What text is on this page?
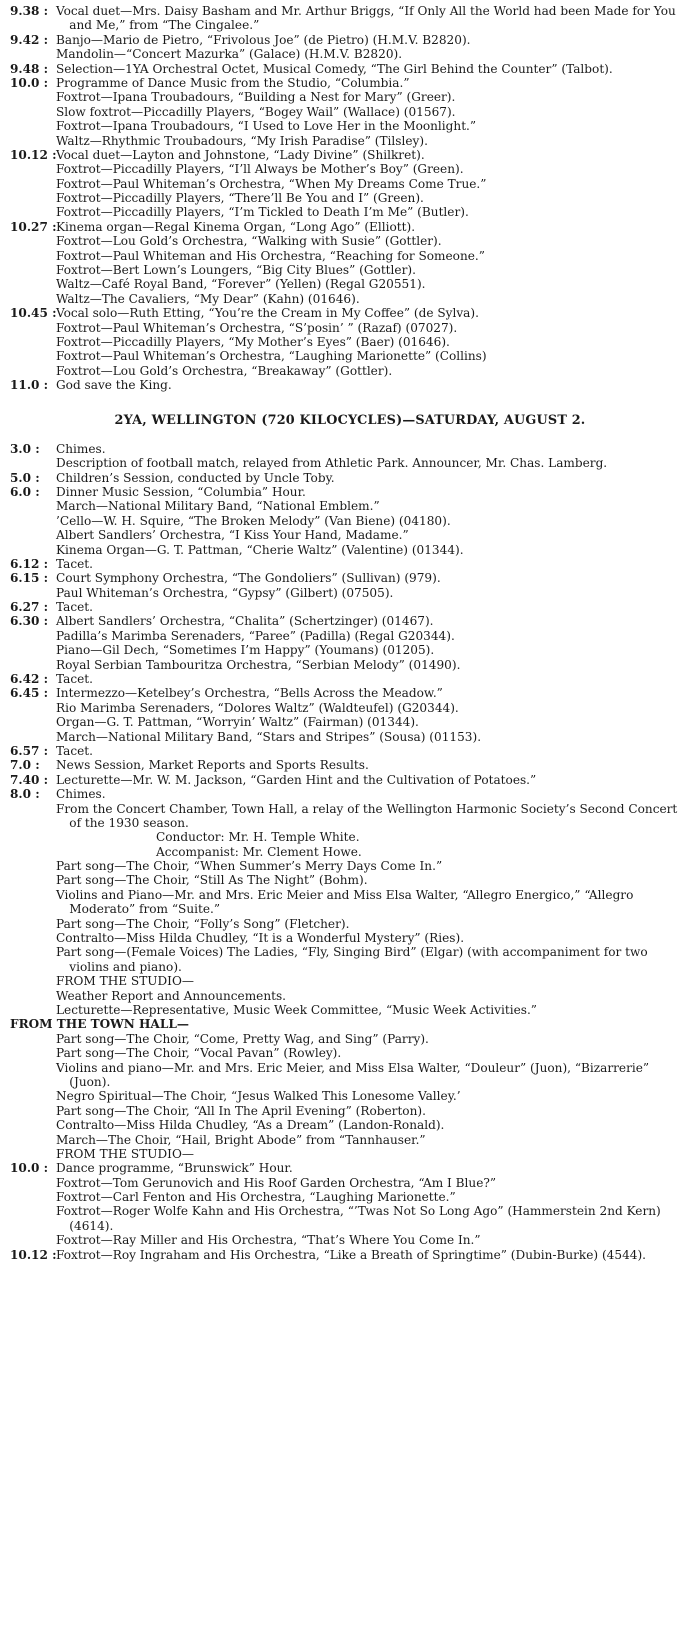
9.38 : Vocal duet—Mrs. Daisy Basham and Mr. Arthur Briggs, “If Only All the World had been Made for You and Me,” from “The Cingalee.”
9.42 : Banjo—Mario de Pietro, “Frivolous Joe” (de Pietro) (H.M.V. B2820).
Mandolin—“Concert Mazurka” (Galace) (H.M.V. B2820).
9.48 : Selection—1YA Orchestral Octet, Musical Comedy, “The Girl Behind the Counter” (Talbot).
10.0 : Programme of Dance Music from the Studio, “Columbia.”
Foxtrot—Ipana Troubadours, “Building a Nest for Mary” (Greer).
Slow foxtrot—Piccadilly Players, “Bogey Wail” (Wallace) (01567).
Foxtrot—Ipana Troubadours, “I Used to Love Her in the Moonlight.”
Waltz—Rhythmic Troubadours, “My Irish Paradise” (Tilsley).
10.12 : Vocal duet—Layton and Johnstone, “Lady Divine” (Shilkret).
Foxtrot—Piccadilly Players, “I’ll Always be Mother’s Boy” (Green).
Foxtrot—Paul Whiteman’s Orchestra, “When My Dreams Come True.”
Foxtrot—Piccadilly Players, “There’ll Be You and I” (Green).
Foxtrot—Piccadilly Players, “I’m Tickled to Death I’m Me” (Butler).
10.27 : Kinema organ—Regal Kinema Organ, “Long Ago” (Elliott).
Foxtrot—Lou Gold’s Orchestra, “Walking with Susie” (Gottler).
Foxtrot—Paul Whiteman and His Orchestra, “Reaching for Someone.”
Foxtrot—Bert Lown’s Loungers, “Big City Blues” (Gottler).
Waltz—Café Royal Band, “Forever” (Yellen) (Regal G20551).
Waltz—The Cavaliers, “My Dear” (Kahn) (01646).
10.45 : Vocal solo—Ruth Etting, “You’re the Cream in My Coffee” (de Sylva).
Foxtrot—Paul Whiteman’s Orchestra, “S’posin’ ” (Razaf) (07027).
Foxtrot—Piccadilly Players, “My Mother’s Eyes” (Baer) (01646).
Foxtrot—Paul Whiteman’s Orchestra, “Laughing Marionette” (Collins)
Foxtrot—Lou Gold’s Orchestra, “Breakaway” (Gottler).
11.0 : God save the King.
2YA, WELLINGTON (720 KILOCYCLES)—SATURDAY, AUGUST 2.
3.0 :	Chimes.
Description of football match, relayed from Athletic Park. Announcer, Mr. Chas. Lamberg.
5.0 :	Children’s Session, conducted by Uncle Toby.
6.0 :	Dinner Music Session, “Columbia” Hour.
March—National Military Band, “National Emblem.”
’Cello—W. H. Squire, “The Broken Melody” (Van Biene) (04180).
Albert Sandlers’ Orchestra, “I Kiss Your Hand, Madame.”
Kinema Organ—G. T. Pattman, “Cherie Waltz” (Valentine) (01344).
6.12 : Tacet.
6.15 : Court Symphony Orchestra, “The Gondoliers” (Sullivan) (979).
Paul Whiteman’s Orchestra, “Gypsy” (Gilbert) (07505).
6.27 : Tacet.
6.30 : Albert Sandlers’ Orchestra, “Chalita” (Schertzinger) (01467).
Padilla’s Marimba Serenaders, “Paree” (Padilla) (Regal G20344).
Piano—Gil Dech, “Sometimes I’m Happy” (Youmans) (01205).
Royal Serbian Tambouritza Orchestra, “Serbian Melody” (01490).
6.42 : Tacet.
6.45 : Intermezzo—Ketelbey’s Orchestra, “Bells Across the Meadow.”
Rio Marimba Serenaders, “Dolores Waltz” (Waldteufel) (G20344).
Organ—G. T. Pattman, “Worryin’ Waltz” (Fairman) (01344).
March—National Military Band, “Stars and Stripes” (Sousa) (01153).
6.57 : Tacet.
7.0 :	News Session, Market Reports and Sports Results.
7.40 : Lecturette—Mr. W. M. Jackson, “Garden Hint and the Cultivation of Potatoes.”
8.0 :	Chimes.
From the Concert Chamber, Town Hall, a relay of the Wellington Harmonic Society’s Second Concert of the 1930 season.
Conductor: Mr. H. Temple White.
Accompanist: Mr. Clement Howe.
Part song—The Choir, “When Summer’s Merry Days Come In.”
Part song—The Choir, “Still As The Night” (Bohm).
Violins and Piano—Mr. and Mrs. Eric Meier and Miss Elsa Walter, “Allegro Energico,” “Allegro Moderato” from “Suite.”
Part song—The Choir, “Folly’s Song” (Fletcher).
Contralto—Miss Hilda Chudley, “It is a Wonderful Mystery” (Ries).
Part song—(Female Voices) The Ladies, “Fly, Singing Bird” (Elgar) (with accompaniment for two violins and piano).
FROM THE STUDIO—
Weather Report and Announcements.
Lecturette—Representative, Music Week Committee, “Music Week Activities.”
FROM THE TOWN HALL—
Part song—The Choir, “Come, Pretty Wag, and Sing” (Parry).
Part song—The Choir, “Vocal Pavan” (Rowley).
Violins and piano—Mr. and Mrs. Eric Meier, and Miss Elsa Walter, “Douleur” (Juon), “Bizarrerie” (Juon).
Negro Spiritual—The Choir, “Jesus Walked This Lonesome Valley.’
Part song—The Choir, “All In The April Evening” (Roberton).
Contralto—Miss Hilda Chudley, “As a Dream” (Landon-Ronald).
March—The Choir, “Hail, Bright Abode” from “Tannhauser.”
FROM THE STUDIO—
10.0 : Dance programme, “Brunswick” Hour.
Foxtrot—Tom Gerunovich and His Roof Garden Orchestra, “Am I Blue?”
Foxtrot—Carl Fenton and His Orchestra, “Laughing Marionette.”
Foxtrot—Roger Wolfe Kahn and His Orchestra, “’Twas Not So Long Ago” (Hammerstein 2nd Kern) (4614).
Foxtrot—Ray Miller and His Orchestra, “That’s Where You Come In.”
10.12 : Foxtrot—Roy Ingraham and His Orchestra, “Like a Breath of Springtime” (Dubin-Burke) (4544).
